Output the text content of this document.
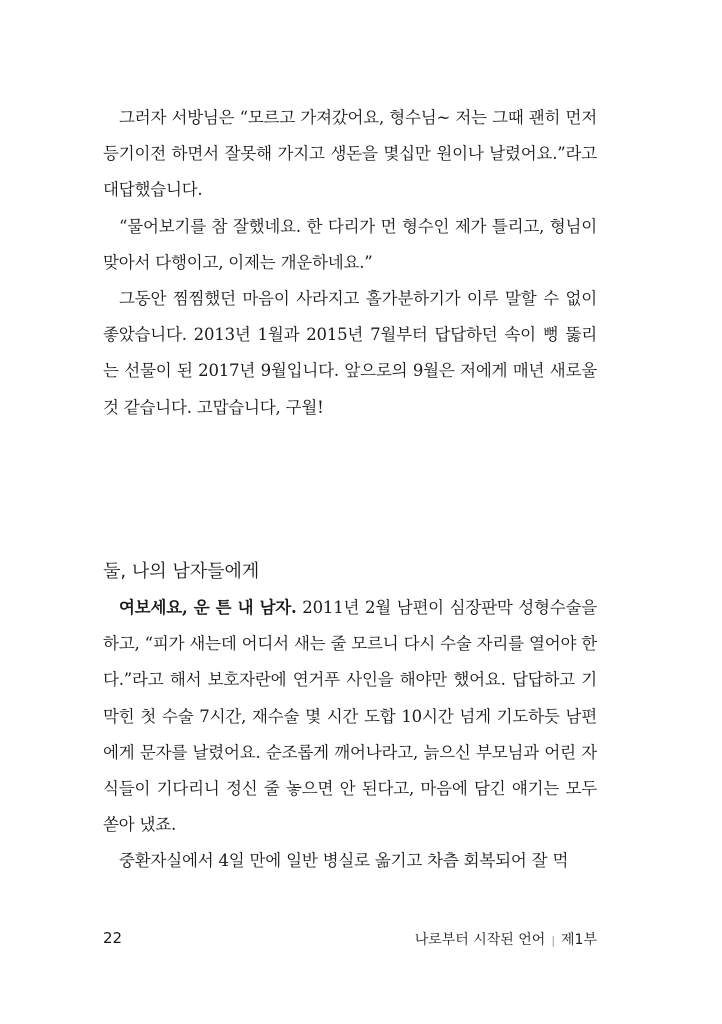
그러자 서방님은 “모르고 가져갔어요, 형수님~ 저는 그때 괜히 먼저 등기이전 하면서 잘못해 가지고 생돈을 몇십만 원이나 날렸어요.”라고 대답했습니다.

“물어보기를 참 잘했네요. 한 다리가 먼 형수인 제가 틀리고, 형님이 맞아서 다행이고, 이제는 개운하네요.”

그동안 찜찜했던 마음이 사라지고 홀가분하기가 이루 말할 수 없이 좋았습니다. 2013년 1월과 2015년 7월부터 답답하던 속이 뻥 뚫리는 선물이 된 2017년 9월입니다. 앞으로의 9월은 저에게 매년 새로울 것 같습니다. 고맙습니다, 구월!

둘, 나의 남자들에게

여보세요, 운 튼 내 남자. 2011년 2월 남편이 심장판막 성형수술을 하고, “피가 새는데 어디서 새는 줄 모르니 다시 수술 자리를 열어야 한다.”라고 해서 보호자란에 연거푸 사인을 해야만 했어요. 답답하고 기막힌 첫 수술 7시간, 재수술 몇 시간 도합 10시간 넘게 기도하듯 남편에게 문자를 날렸어요. 순조롭게 깨어나라고, 늙으신 부모님과 어린 자식들이 기다리니 정신 줄 놓으면 안 된다고, 마음에 담긴 얘기는 모두 쏟아 냈죠.

중환자실에서 4일 만에 일반 병실로 옮기고 차츰 회복되어 잘 먹

22	나로부터 시작된 언어 | 제1부
